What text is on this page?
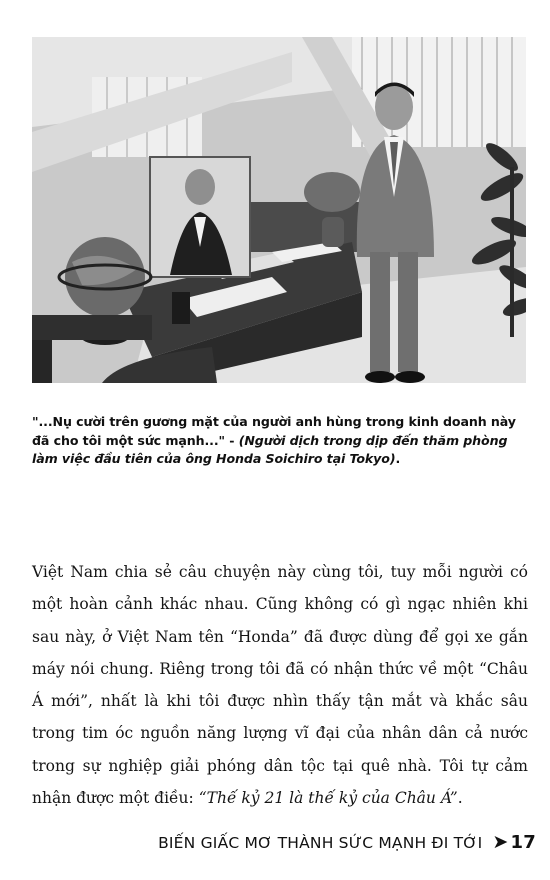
"...Nụ cười trên gương mặt của người anh hùng trong kinh doanh này đã cho tôi một sức mạnh..." - (Người dịch trong dịp đến thăm phòng làm việc đầu tiên của ông Honda Soichiro tại Tokyo).
Việt Nam chia sẻ câu chuyện này cùng tôi, tuy mỗi người có một hoàn cảnh khác nhau. Cũng không có gì ngạc nhiên khi sau này, ở Việt Nam tên “Honda” đã được dùng để gọi xe gắn máy nói chung. Riêng trong tôi đã có nhận thức về một “Châu Á mới”, nhất là khi tôi được nhìn thấy tận mắt và khắc sâu trong tim óc nguồn năng lượng vĩ đại của nhân dân cả nước trong sự nghiệp giải phóng dân tộc tại quê nhà. Tôi tự cảm nhận được một điều: “Thế kỷ 21 là thế kỷ của Châu Á”.
BIẾN GIẤC MƠ THÀNH SỨC MẠNH ĐI TỚI ➤ 17
